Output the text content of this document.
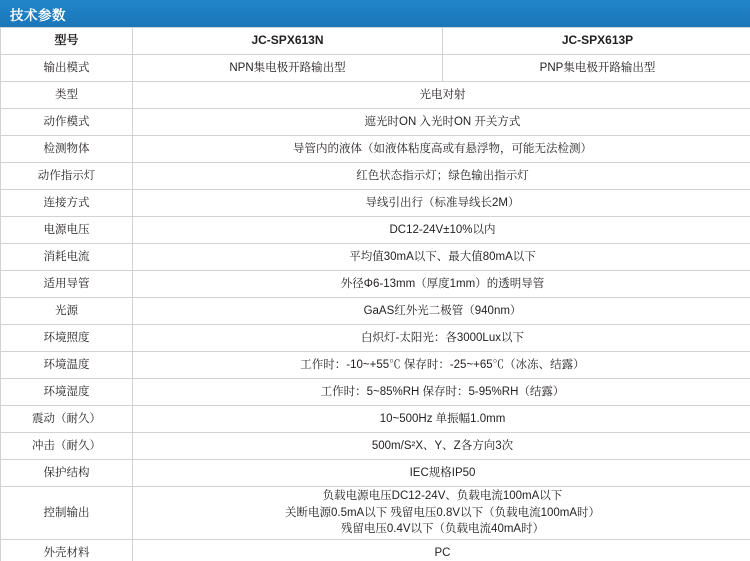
技术参数
型号	JC-SPX613N	JC-SPX613P
输出模式	NPN集电极开路输出型	PNP集电极开路输出型
类型	光电对射	
动作模式	遮光时ON 入光时ON 开关方式	
检测物体	导管内的液体（如液体粘度高或有悬浮物，可能无法检测）	
动作指示灯	红色状态指示灯；绿色输出指示灯	
连接方式	导线引出行（标准导线长2M）	
电源电压	DC12-24V±10%以内	
消耗电流	平均值30mA以下、最大值80mA以下	
适用导管	外径Φ6-13mm（厚度1mm）的透明导管	
光源	GaAS红外光二极管（940nm）	
环境照度	白炽灯-太阳光：各3000Lux以下	
环境温度	工作时：-10~+55℃ 保存时：-25~+65℃（冰冻、结露）	
环境湿度	工作时：5~85%RH 保存时：5-95%RH（结露）	
震动（耐久）	10~500Hz 单振幅1.0mm	
冲击（耐久）	500m/S²X、Y、Z各方向3次	
保护结构	IEC规格IP50	
控制输出	负载电源电压DC12-24V、负载电流100mA以下
关断电源0.5mA以下 残留电压0.8V以下（负载电流100mA时）
残留电压0.4V以下（负载电流40mA时）	

外壳材料	PC	
